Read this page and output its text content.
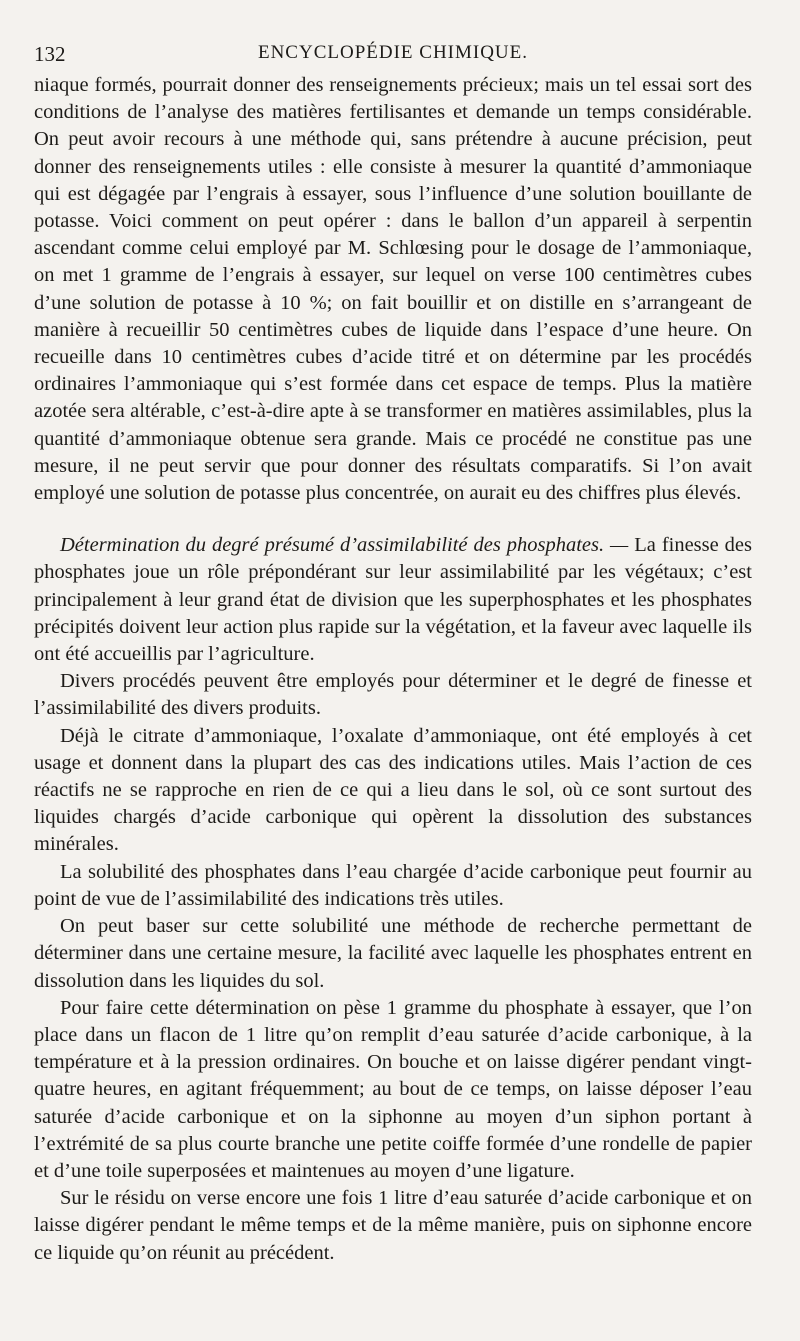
132	ENCYCLOPÉDIE CHIMIQUE.

niaque formés, pourrait donner des renseignements précieux; mais un tel essai sort des conditions de l’analyse des matières fertilisantes et demande un temps considérable. On peut avoir recours à une méthode qui, sans prétendre à aucune précision, peut donner des renseignements utiles : elle consiste à mesurer la quantité d’ammoniaque qui est dégagée par l’engrais à essayer, sous l’influence d’une solution bouillante de potasse. Voici comment on peut opérer : dans le ballon d’un appareil à serpentin ascendant comme celui employé par M. Schlœsing pour le dosage de l’ammoniaque, on met 1 gramme de l’engrais à essayer, sur lequel on verse 100 centimètres cubes d’une solution de potasse à 10 %; on fait bouillir et on distille en s’arrangeant de manière à recueillir 50 centimètres cubes de liquide dans l’espace d’une heure. On recueille dans 10 centimètres cubes d’acide titré et on détermine par les procédés ordinaires l’ammoniaque qui s’est formée dans cet espace de temps. Plus la matière azotée sera altérable, c’est-à-dire apte à se transformer en matières assimilables, plus la quantité d’ammoniaque obtenue sera grande. Mais ce procédé ne constitue pas une mesure, il ne peut servir que pour donner des résultats comparatifs. Si l’on avait employé une solution de potasse plus concentrée, on aurait eu des chiffres plus élevés.

Détermination du degré présumé d’assimilabilité des phosphates. — La finesse des phosphates joue un rôle prépondérant sur leur assimilabilité par les végétaux; c’est principalement à leur grand état de division que les superphosphates et les phosphates précipités doivent leur action plus rapide sur la végétation, et la faveur avec laquelle ils ont été accueillis par l’agriculture.

Divers procédés peuvent être employés pour déterminer et le degré de finesse et l’assimilabilité des divers produits.

Déjà le citrate d’ammoniaque, l’oxalate d’ammoniaque, ont été employés à cet usage et donnent dans la plupart des cas des indications utiles. Mais l’action de ces réactifs ne se rapproche en rien de ce qui a lieu dans le sol, où ce sont surtout des liquides chargés d’acide carbonique qui opèrent la dissolution des substances minérales.

La solubilité des phosphates dans l’eau chargée d’acide carbonique peut fournir au point de vue de l’assimilabilité des indications très utiles.

On peut baser sur cette solubilité une méthode de recherche permettant de déterminer dans une certaine mesure, la facilité avec laquelle les phosphates entrent en dissolution dans les liquides du sol.

Pour faire cette détermination on pèse 1 gramme du phosphate à essayer, que l’on place dans un flacon de 1 litre qu’on remplit d’eau saturée d’acide carbonique, à la température et à la pression ordinaires. On bouche et on laisse digérer pendant vingt-quatre heures, en agitant fréquemment; au bout de ce temps, on laisse déposer l’eau saturée d’acide carbonique et on la siphonne au moyen d’un siphon portant à l’extrémité de sa plus courte branche une petite coiffe formée d’une rondelle de papier et d’une toile superposées et maintenues au moyen d’une ligature.

Sur le résidu on verse encore une fois 1 litre d’eau saturée d’acide carbonique et on laisse digérer pendant le même temps et de la même manière, puis on siphonne encore ce liquide qu’on réunit au précédent.
